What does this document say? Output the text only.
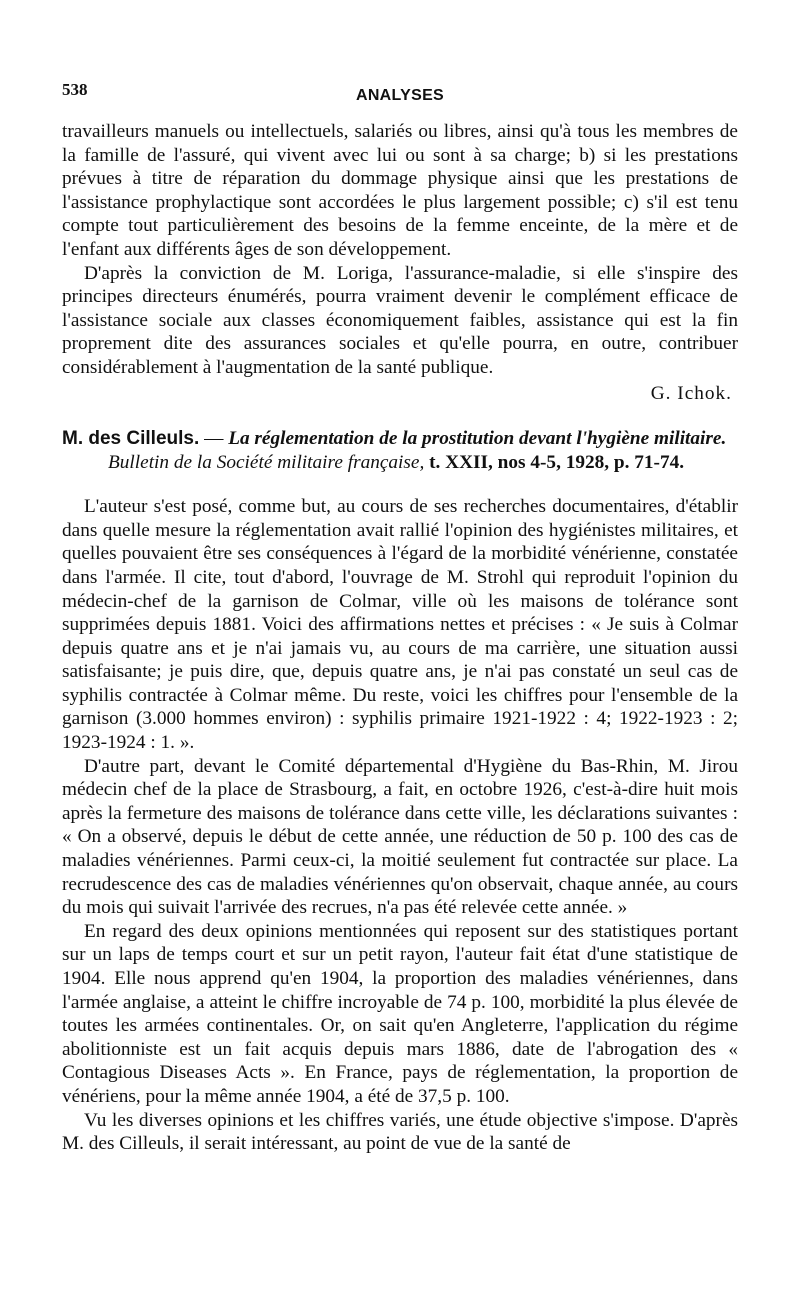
538	ANALYSES

travailleurs manuels ou intellectuels, salariés ou libres, ainsi qu'à tous les membres de la famille de l'assuré, qui vivent avec lui ou sont à sa charge; b) si les prestations prévues à titre de réparation du dommage physique ainsi que les prestations de l'assistance prophylactique sont accordées le plus largement possible; c) s'il est tenu compte tout particulièrement des besoins de la femme enceinte, de la mère et de l'enfant aux différents âges de son développement.

D'après la conviction de M. Loriga, l'assurance-maladie, si elle s'inspire des principes directeurs énumérés, pourra vraiment devenir le complément efficace de l'assistance sociale aux classes économiquement faibles, assistance qui est la fin proprement dite des assurances sociales et qu'elle pourra, en outre, contribuer considérablement à l'augmentation de la santé publique.

G. Ichok.

M. des Cilleuls. — La réglementation de la prostitution devant l'hygiène militaire. Bulletin de la Société militaire française, t. XXII, nos 4-5, 1928, p. 71-74.

L'auteur s'est posé, comme but, au cours de ses recherches documentaires, d'établir dans quelle mesure la réglementation avait rallié l'opinion des hygiénistes militaires, et quelles pouvaient être ses conséquences à l'égard de la morbidité vénérienne, constatée dans l'armée. Il cite, tout d'abord, l'ouvrage de M. Strohl qui reproduit l'opinion du médecin-chef de la garnison de Colmar, ville où les maisons de tolérance sont supprimées depuis 1881. Voici des affirmations nettes et précises : « Je suis à Colmar depuis quatre ans et je n'ai jamais vu, au cours de ma carrière, une situation aussi satisfaisante; je puis dire, que, depuis quatre ans, je n'ai pas constaté un seul cas de syphilis contractée à Colmar même. Du reste, voici les chiffres pour l'ensemble de la garnison (3.000 hommes environ) : syphilis primaire 1921-1922 : 4; 1922-1923 : 2; 1923-1924 : 1. ».

D'autre part, devant le Comité départemental d'Hygiène du Bas-Rhin, M. Jirou médecin chef de la place de Strasbourg, a fait, en octobre 1926, c'est-à-dire huit mois après la fermeture des maisons de tolérance dans cette ville, les déclarations suivantes : « On a observé, depuis le début de cette année, une réduction de 50 p. 100 des cas de maladies vénériennes. Parmi ceux-ci, la moitié seulement fut contractée sur place. La recrudescence des cas de maladies vénériennes qu'on observait, chaque année, au cours du mois qui suivait l'arrivée des recrues, n'a pas été relevée cette année. »

En regard des deux opinions mentionnées qui reposent sur des statistiques portant sur un laps de temps court et sur un petit rayon, l'auteur fait état d'une statistique de 1904. Elle nous apprend qu'en 1904, la proportion des maladies vénériennes, dans l'armée anglaise, a atteint le chiffre incroyable de 74 p. 100, morbidité la plus élevée de toutes les armées continentales. Or, on sait qu'en Angleterre, l'application du régime abolitionniste est un fait acquis depuis mars 1886, date de l'abrogation des « Contagious Diseases Acts ». En France, pays de réglementation, la proportion de vénériens, pour la même année 1904, a été de 37,5 p. 100.

Vu les diverses opinions et les chiffres variés, une étude objective s'impose. D'après M. des Cilleuls, il serait intéressant, au point de vue de la santé de
